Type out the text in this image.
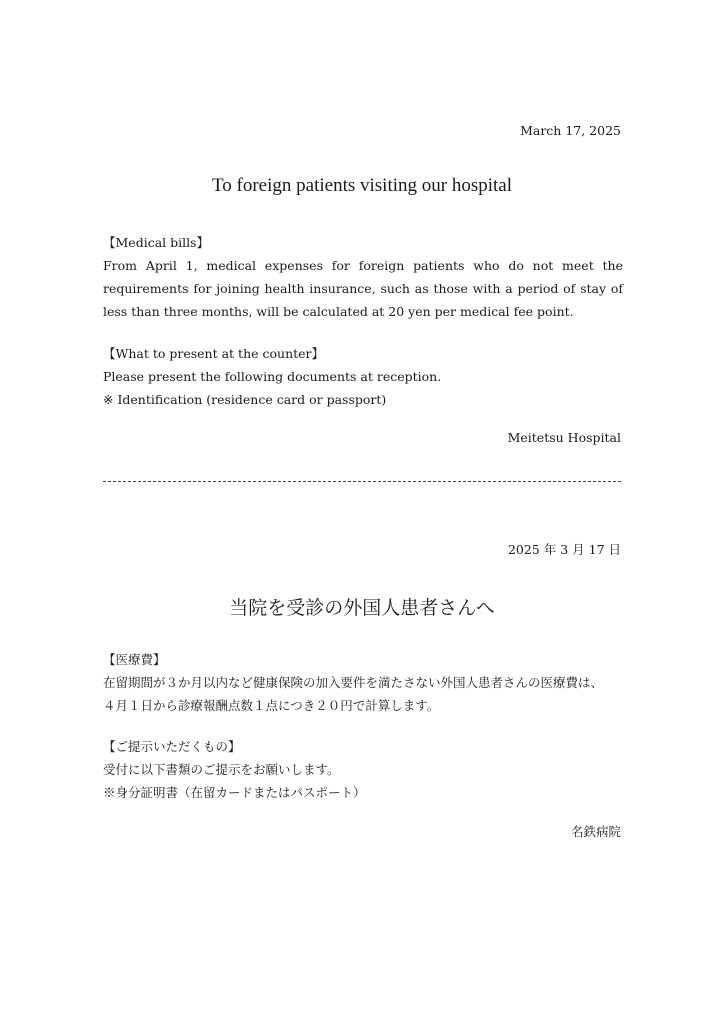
March 17, 2025
To foreign patients visiting our hospital

【Medical bills】

From April 1, medical expenses for foreign patients who do not meet the requirements for joining health insurance, such as those with a period of stay of less than three months, will be calculated at 20 yen per medical fee point.

【What to present at the counter】

Please present the following documents at reception.

※ Identification (residence card or passport)

Meitetsu Hospital
2025 年 3 月 17 日
当院を受診の外国人患者さんへ

【医療費】

在留期間が３か月以内など健康保険の加入要件を満たさない外国人患者さんの医療費は、

４月１日から診療報酬点数１点につき２０円で計算します。

【ご提示いただくもの】

受付に以下書類のご提示をお願いします。

※身分証明書（在留カードまたはパスポート）

名鉄病院
